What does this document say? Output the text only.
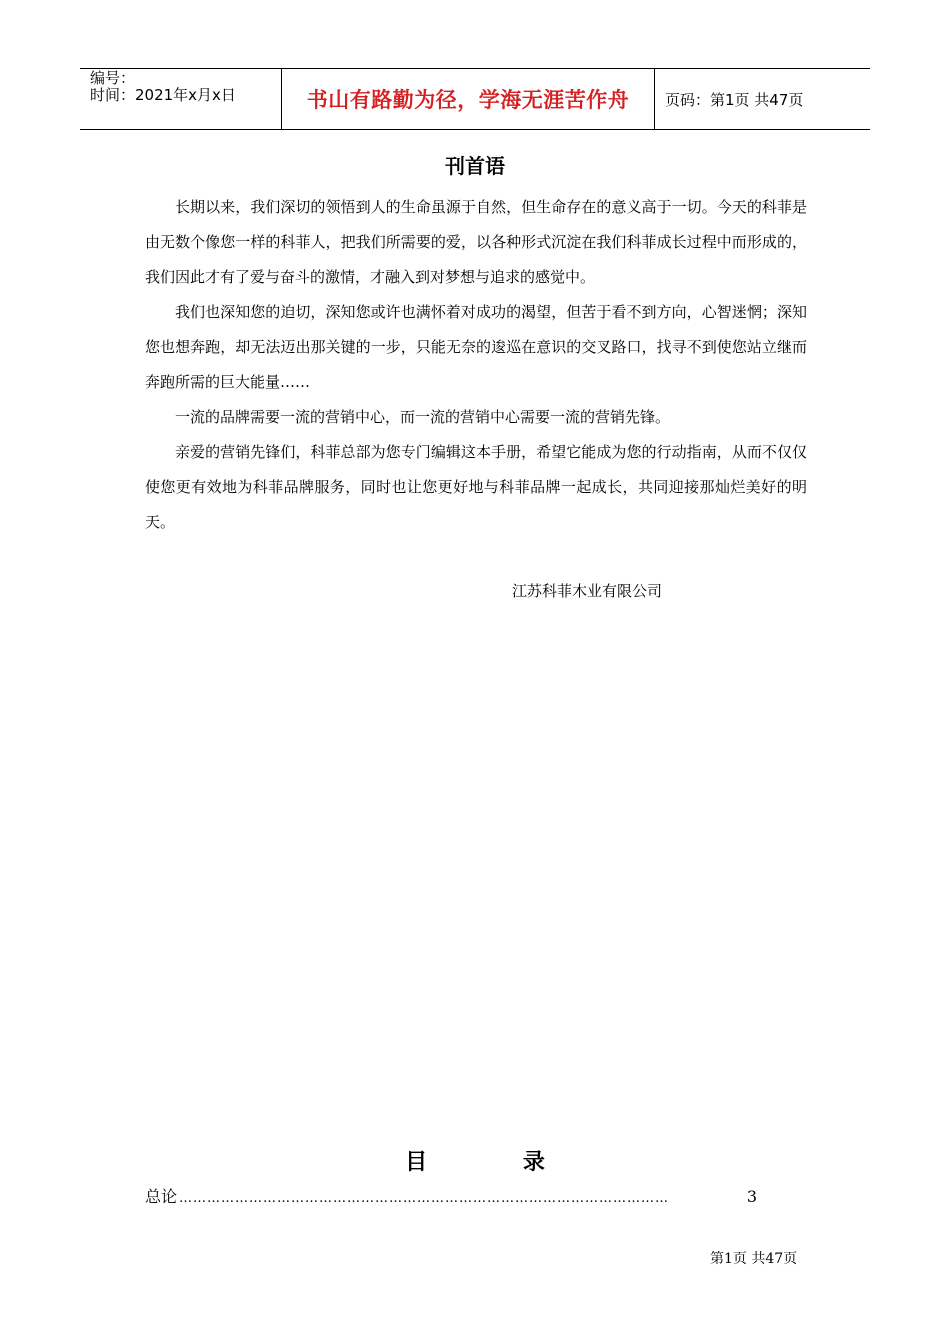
编号：
时间：2021年x月x日	书山有路勤为径，学海无涯苦作舟	页码：第1页 共47页
刊首语

长期以来，我们深切的领悟到人的生命虽源于自然，但生命存在的意义高于一切。今天的科菲是由无数个像您一样的科菲人，把我们所需要的爱，以各种形式沉淀在我们科菲成长过程中而形成的，我们因此才有了爱与奋斗的激情，才融入到对梦想与追求的感觉中。

我们也深知您的迫切，深知您或许也满怀着对成功的渴望，但苦于看不到方向，心智迷惘；深知您也想奔跑，却无法迈出那关键的一步，只能无奈的逡巡在意识的交叉路口，找寻不到使您站立继而奔跑所需的巨大能量……

一流的品牌需要一流的营销中心，而一流的营销中心需要一流的营销先锋。

亲爱的营销先锋们，科菲总部为您专门编辑这本手册，希望它能成为您的行动指南，从而不仅仅使您更有效地为科菲品牌服务，同时也让您更好地与科菲品牌一起成长，共同迎接那灿烂美好的明天。

江苏科菲木业有限公司
目	录
总论 ……………………………………………………………………………………………	3
第1页 共47页
